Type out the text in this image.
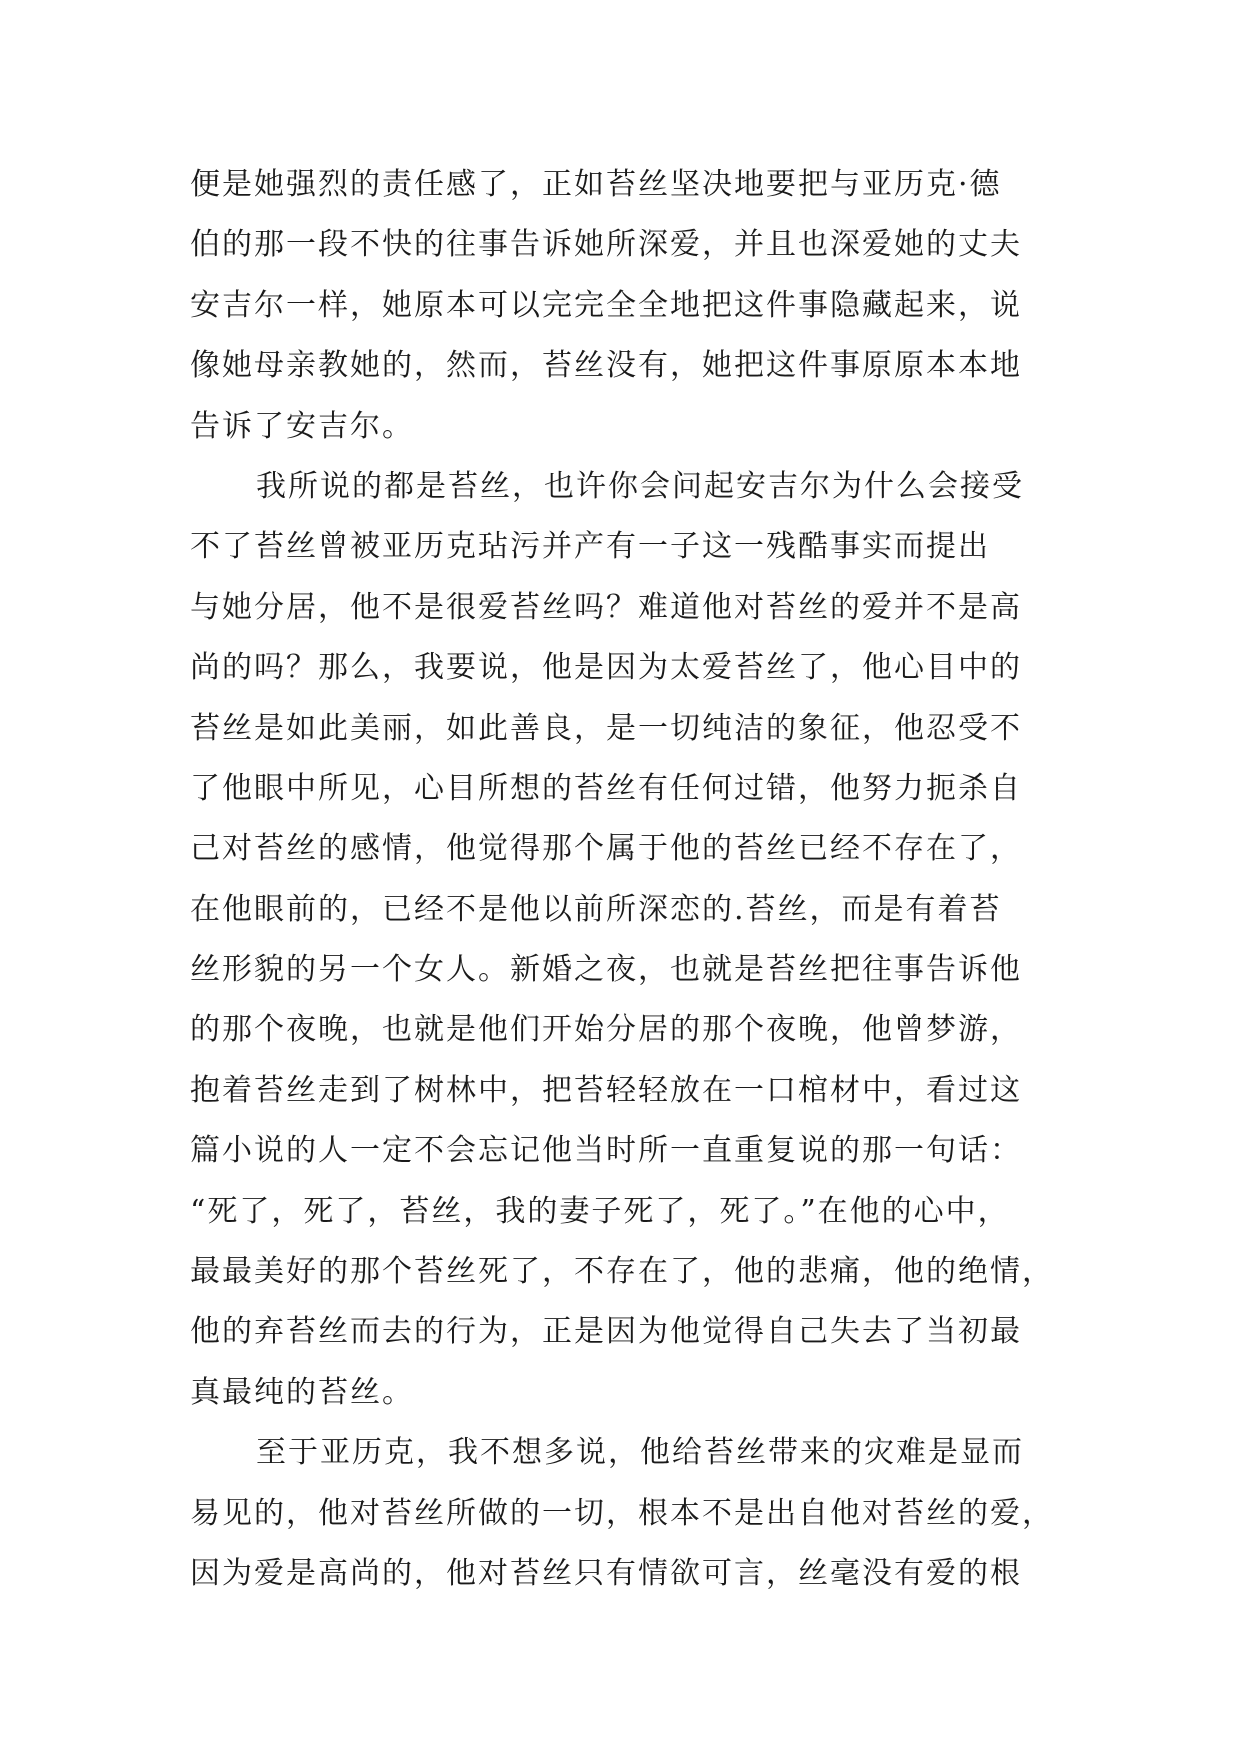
便是她强烈的责任感了，正如苔丝坚决地要把与亚历克·德
伯的那一段不快的往事告诉她所深爱，并且也深爱她的丈夫
安吉尔一样，她原本可以完完全全地把这件事隐藏起来，说
像她母亲教她的，然而，苔丝没有，她把这件事原原本本地
告诉了安吉尔。
我所说的都是苔丝，也许你会问起安吉尔为什么会接受
不了苔丝曾被亚历克玷污并产有一子这一残酷事实而提出
与她分居，他不是很爱苔丝吗？难道他对苔丝的爱并不是高
尚的吗？那么，我要说，他是因为太爱苔丝了，他心目中的
苔丝是如此美丽，如此善良，是一切纯洁的象征，他忍受不
了他眼中所见，心目所想的苔丝有任何过错，他努力扼杀自
己对苔丝的感情，他觉得那个属于他的苔丝已经不存在了，
在他眼前的，已经不是他以前所深恋的.苔丝，而是有着苔
丝形貌的另一个女人。新婚之夜，也就是苔丝把往事告诉他
的那个夜晚，也就是他们开始分居的那个夜晚，他曾梦游，
抱着苔丝走到了树林中，把苔轻轻放在一口棺材中，看过这
篇小说的人一定不会忘记他当时所一直重复说的那一句话：
“死了，死了，苔丝，我的妻子死了，死了。”在他的心中，
最最美好的那个苔丝死了，不存在了，他的悲痛，他的绝情，
他的弃苔丝而去的行为，正是因为他觉得自己失去了当初最
真最纯的苔丝。
至于亚历克，我不想多说，他给苔丝带来的灾难是显而
易见的，他对苔丝所做的一切，根本不是出自他对苔丝的爱，
因为爱是高尚的，他对苔丝只有情欲可言，丝毫没有爱的根
